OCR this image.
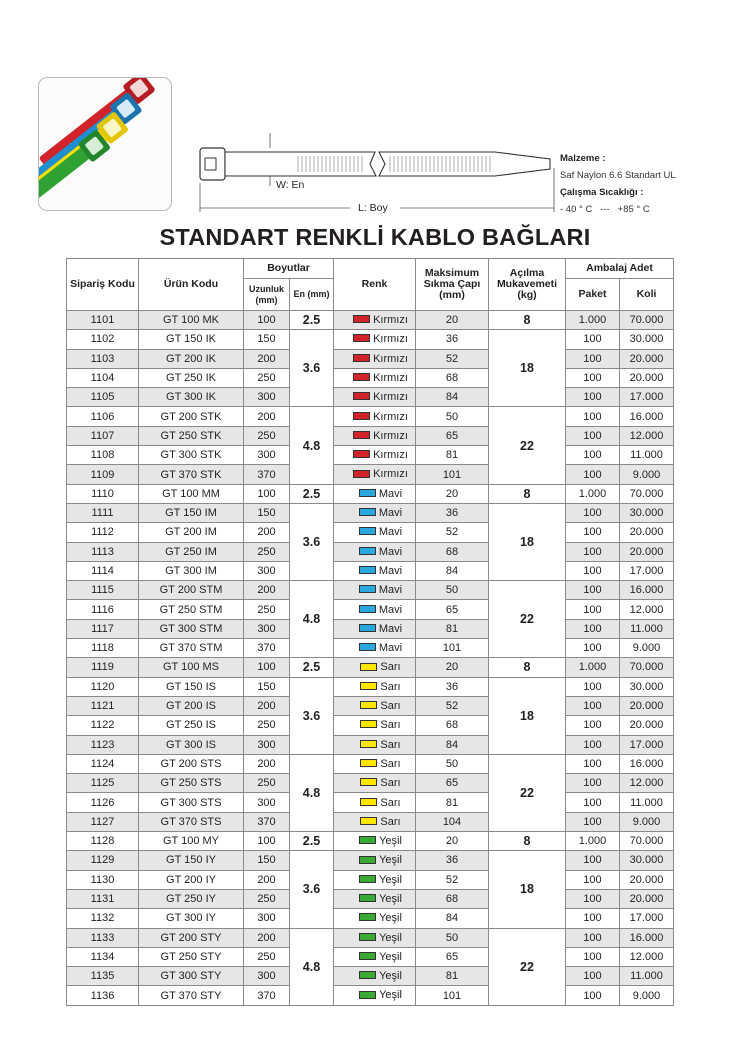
W: En
L: Boy
Malzeme :
Saf Naylon 6.6 Standart UL
Çalışma Sıcaklığı :
- 40 ° C --- +85 ° C
STANDART RENKLİ KABLO BAĞLARI
Sipariş Kodu	Ürün Kodu	Boyutlar		Renk	Maksimum Sıkma Çapı (mm)	Açılma Mukavemeti (kg)	Ambalaj Adet	
		Uzunluk (mm)	En (mm)				Paket	Koli
1101	GT 100 MK	100	2.5	Kırmızı	20	8	1.000	70.000
1102	GT 150 IK	150	3.6	Kırmızı	36	18	100	30.000
1103	GT 200 IK	200		Kırmızı	52		100	20.000
1104	GT 250 IK	250		Kırmızı	68		100	20.000
1105	GT 300 IK	300		Kırmızı	84		100	17.000
1106	GT 200 STK	200	4.8	Kırmızı	50	22	100	16.000
1107	GT 250 STK	250		Kırmızı	65		100	12.000
1108	GT 300 STK	300		Kırmızı	81		100	11.000
1109	GT 370 STK	370		Kırmızı	101		100	9.000
1110	GT 100 MM	100	2.5	Mavi	20	8	1.000	70.000
1111	GT 150 IM	150	3.6	Mavi	36	18	100	30.000
1112	GT 200 IM	200		Mavi	52		100	20.000
1113	GT 250 IM	250		Mavi	68		100	20.000
1114	GT 300 IM	300		Mavi	84		100	17.000
1115	GT 200 STM	200	4.8	Mavi	50	22	100	16.000
1116	GT 250 STM	250		Mavi	65		100	12.000
1117	GT 300 STM	300		Mavi	81		100	11.000
1118	GT 370 STM	370		Mavi	101		100	9.000
1119	GT 100 MS	100	2.5	Sarı	20	8	1.000	70.000
1120	GT 150 IS	150	3.6	Sarı	36	18	100	30.000
1121	GT 200 IS	200		Sarı	52		100	20.000
1122	GT 250 IS	250		Sarı	68		100	20.000
1123	GT 300 IS	300		Sarı	84		100	17.000
1124	GT 200 STS	200	4.8	Sarı	50	22	100	16.000
1125	GT 250 STS	250		Sarı	65		100	12.000
1126	GT 300 STS	300		Sarı	81		100	11.000
1127	GT 370 STS	370		Sarı	104		100	9.000
1128	GT 100 MY	100	2.5	Yeşil	20	8	1.000	70.000
1129	GT 150 IY	150	3.6	Yeşil	36	18	100	30.000
1130	GT 200 IY	200		Yeşil	52		100	20.000
1131	GT 250 IY	250		Yeşil	68		100	20.000
1132	GT 300 IY	300		Yeşil	84		100	17.000
1133	GT 200 STY	200	4.8	Yeşil	50	22	100	16.000
1134	GT 250 STY	250		Yeşil	65		100	12.000
1135	GT 300 STY	300		Yeşil	81		100	11.000
1136	GT 370 STY	370		Yeşil	101		100	9.000
